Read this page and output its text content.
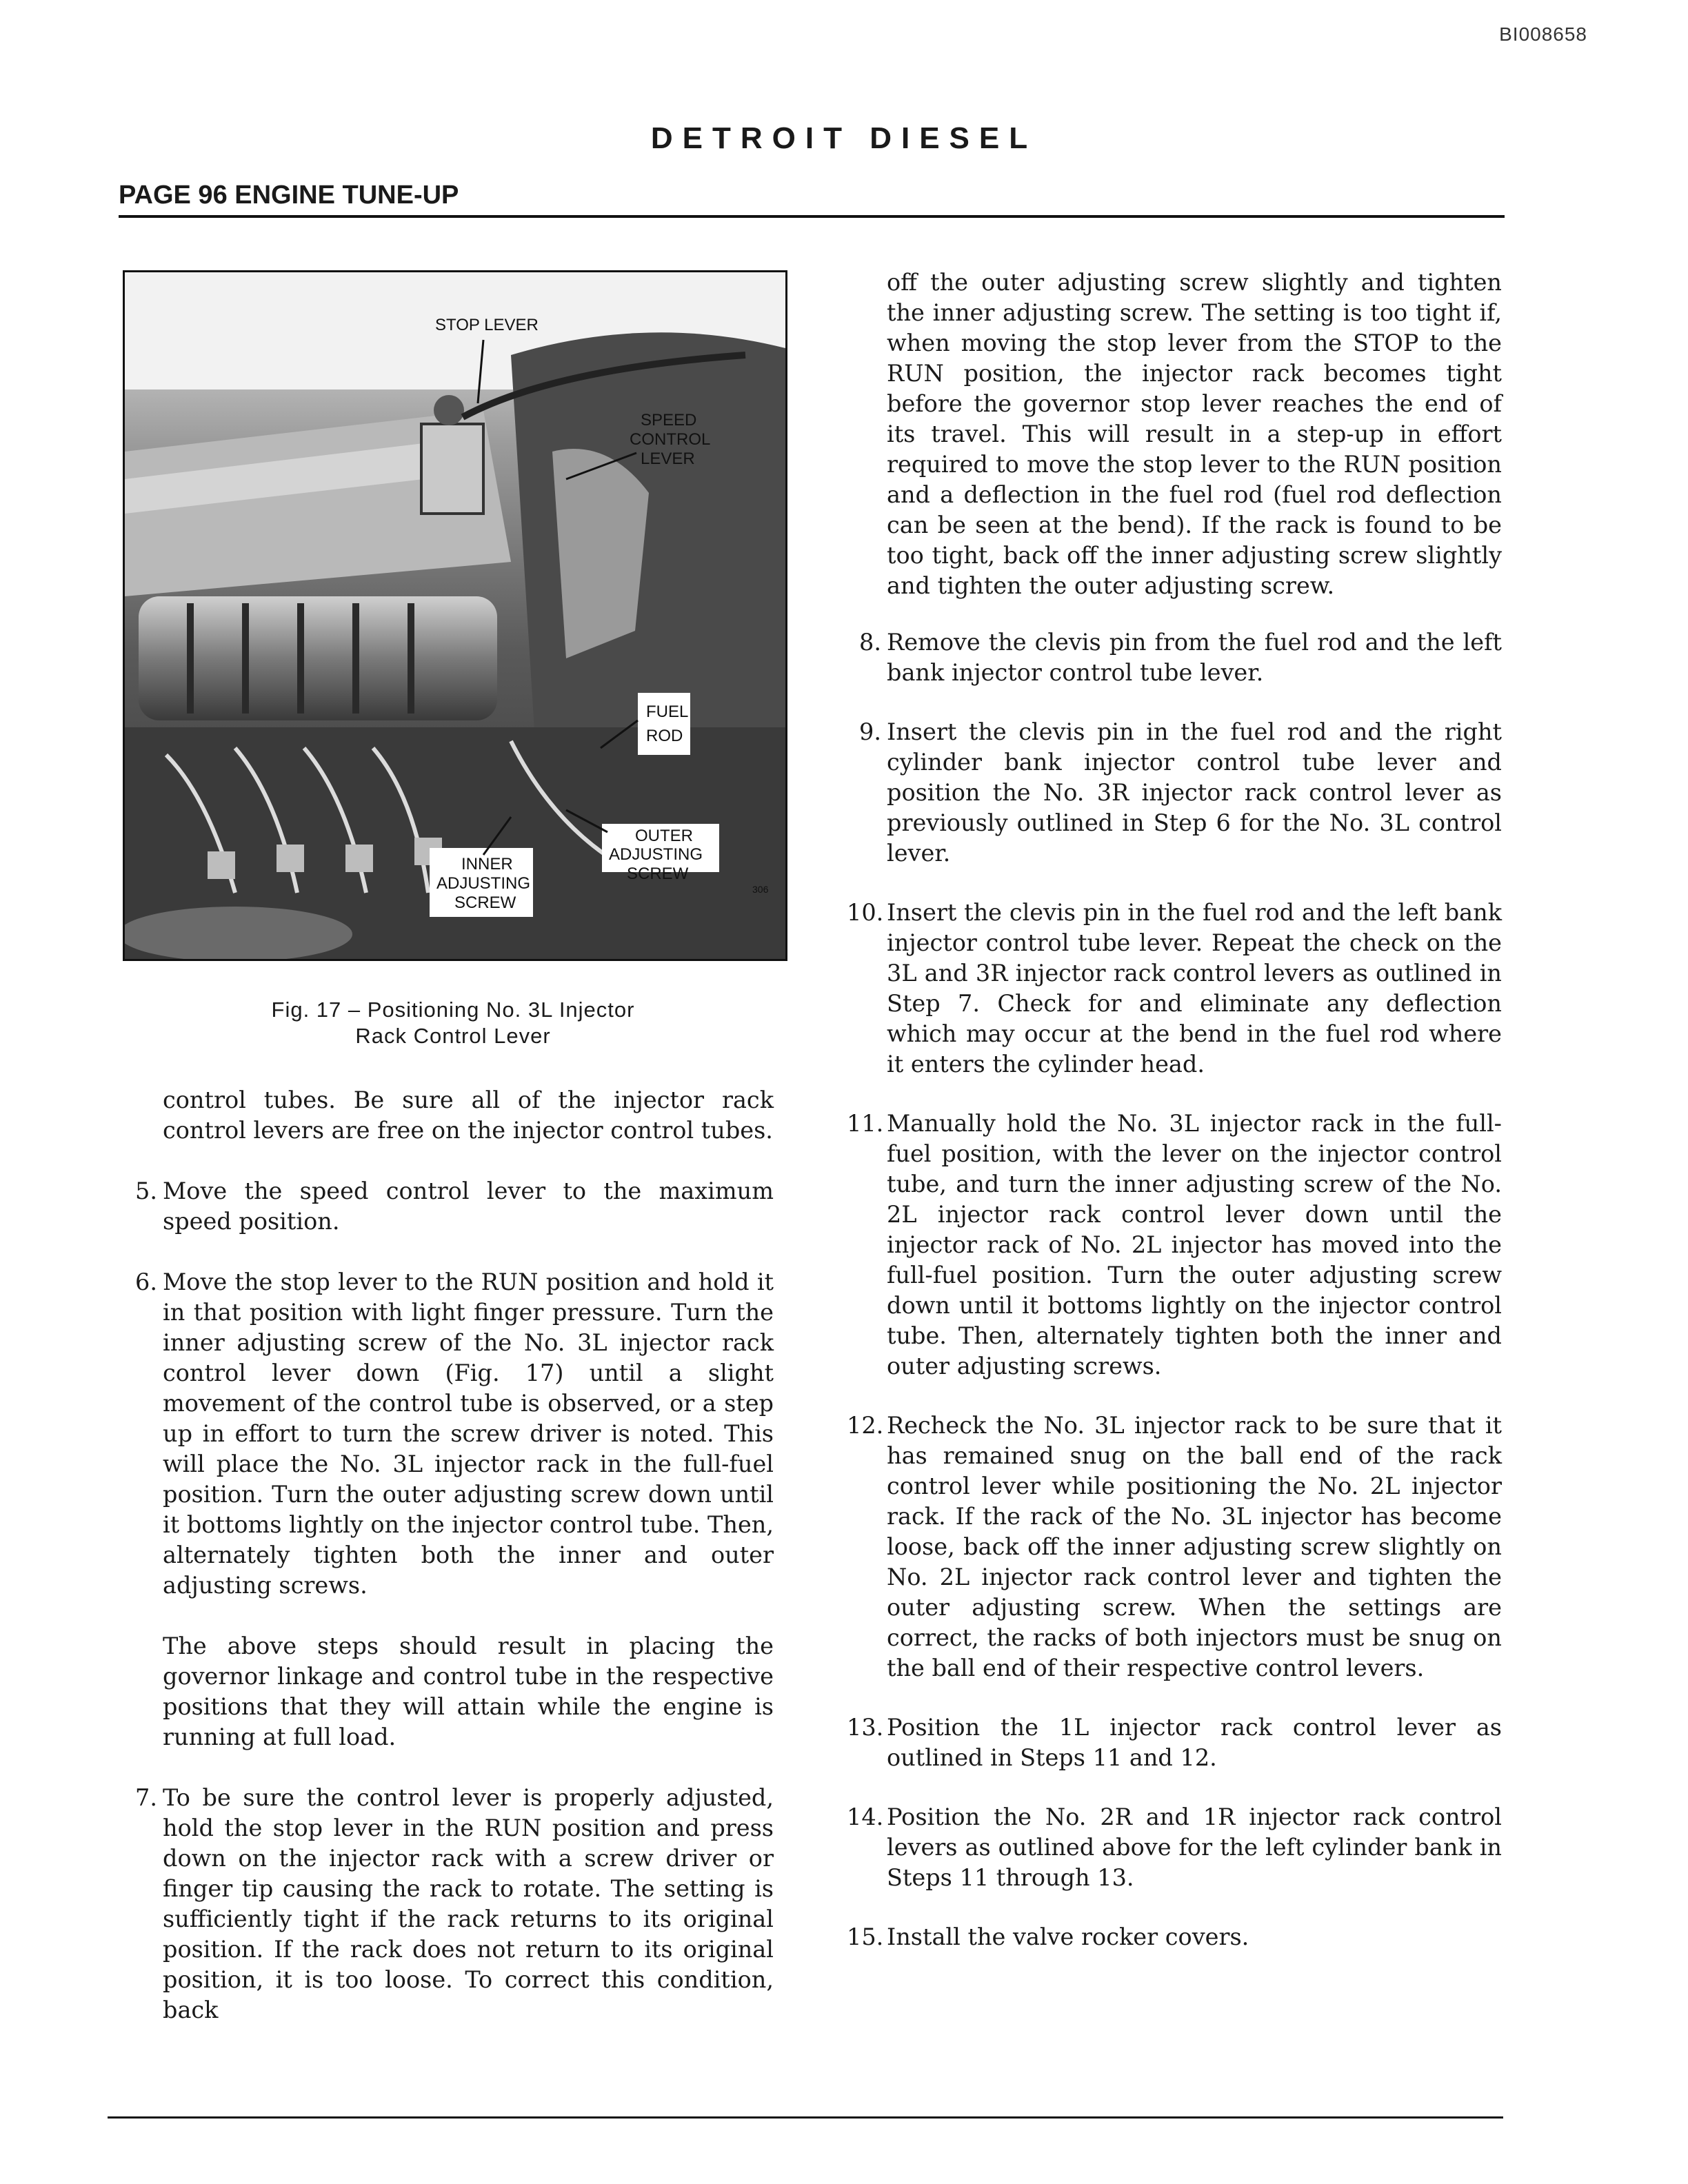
BI008658
DETROIT DIESEL
PAGE 96 ENGINE TUNE-UP
STOP LEVER
SPEED
CONTROL
LEVER
FUEL
ROD
INNER
ADJUSTING
SCREW
OUTER
ADJUSTING
SCREW
306
Fig. 17 – Positioning No. 3L Injector
Rack Control Lever

control tubes. Be sure all of the injector rack control levers are free on the injector control tubes.

5. Move the speed control lever to the maximum speed position.

6. Move the stop lever to the RUN position and hold it in that position with light finger pressure. Turn the inner adjusting screw of the No. 3L injector rack control lever down (Fig. 17) until a slight movement of the control tube is observed, or a step up in effort to turn the screw driver is noted. This will place the No. 3L injector rack in the full-fuel position. Turn the outer adjusting screw down until it bottoms lightly on the injector control tube. Then, alternately tighten both the inner and outer adjusting screws.

The above steps should result in placing the governor linkage and control tube in the respective positions that they will attain while the engine is running at full load.

7. To be sure the control lever is properly adjusted, hold the stop lever in the RUN position and press down on the injector rack with a screw driver or finger tip causing the rack to rotate. The setting is sufficiently tight if the rack returns to its original position. If the rack does not return to its original position, it is too loose. To correct this condition, back

off the outer adjusting screw slightly and tighten the inner adjusting screw. The setting is too tight if, when moving the stop lever from the STOP to the RUN position, the injector rack becomes tight before the governor stop lever reaches the end of its travel. This will result in a step-up in effort required to move the stop lever to the RUN position and a deflection in the fuel rod (fuel rod deflection can be seen at the bend). If the rack is found to be too tight, back off the inner adjusting screw slightly and tighten the outer adjusting screw.

8. Remove the clevis pin from the fuel rod and the left bank injector control tube lever.

9. Insert the clevis pin in the fuel rod and the right cylinder bank injector control tube lever and position the No. 3R injector rack control lever as previously outlined in Step 6 for the No. 3L control lever.

10. Insert the clevis pin in the fuel rod and the left bank injector control tube lever. Repeat the check on the 3L and 3R injector rack control levers as outlined in Step 7. Check for and eliminate any deflection which may occur at the bend in the fuel rod where it enters the cylinder head.

11. Manually hold the No. 3L injector rack in the full-fuel position, with the lever on the injector control tube, and turn the inner adjusting screw of the No. 2L injector rack control lever down until the injector rack of No. 2L injector has moved into the full-fuel position. Turn the outer adjusting screw down until it bottoms lightly on the injector control tube. Then, alternately tighten both the inner and outer adjusting screws.

12. Recheck the No. 3L injector rack to be sure that it has remained snug on the ball end of the rack control lever while positioning the No. 2L injector rack. If the rack of the No. 3L injector has become loose, back off the inner adjusting screw slightly on No. 2L injector rack control lever and tighten the outer adjusting screw. When the settings are correct, the racks of both injectors must be snug on the ball end of their respective control levers.

13. Position the 1L injector rack control lever as outlined in Steps 11 and 12.

14. Position the No. 2R and 1R injector rack control levers as outlined above for the left cylinder bank in Steps 11 through 13.

15. Install the valve rocker covers.
